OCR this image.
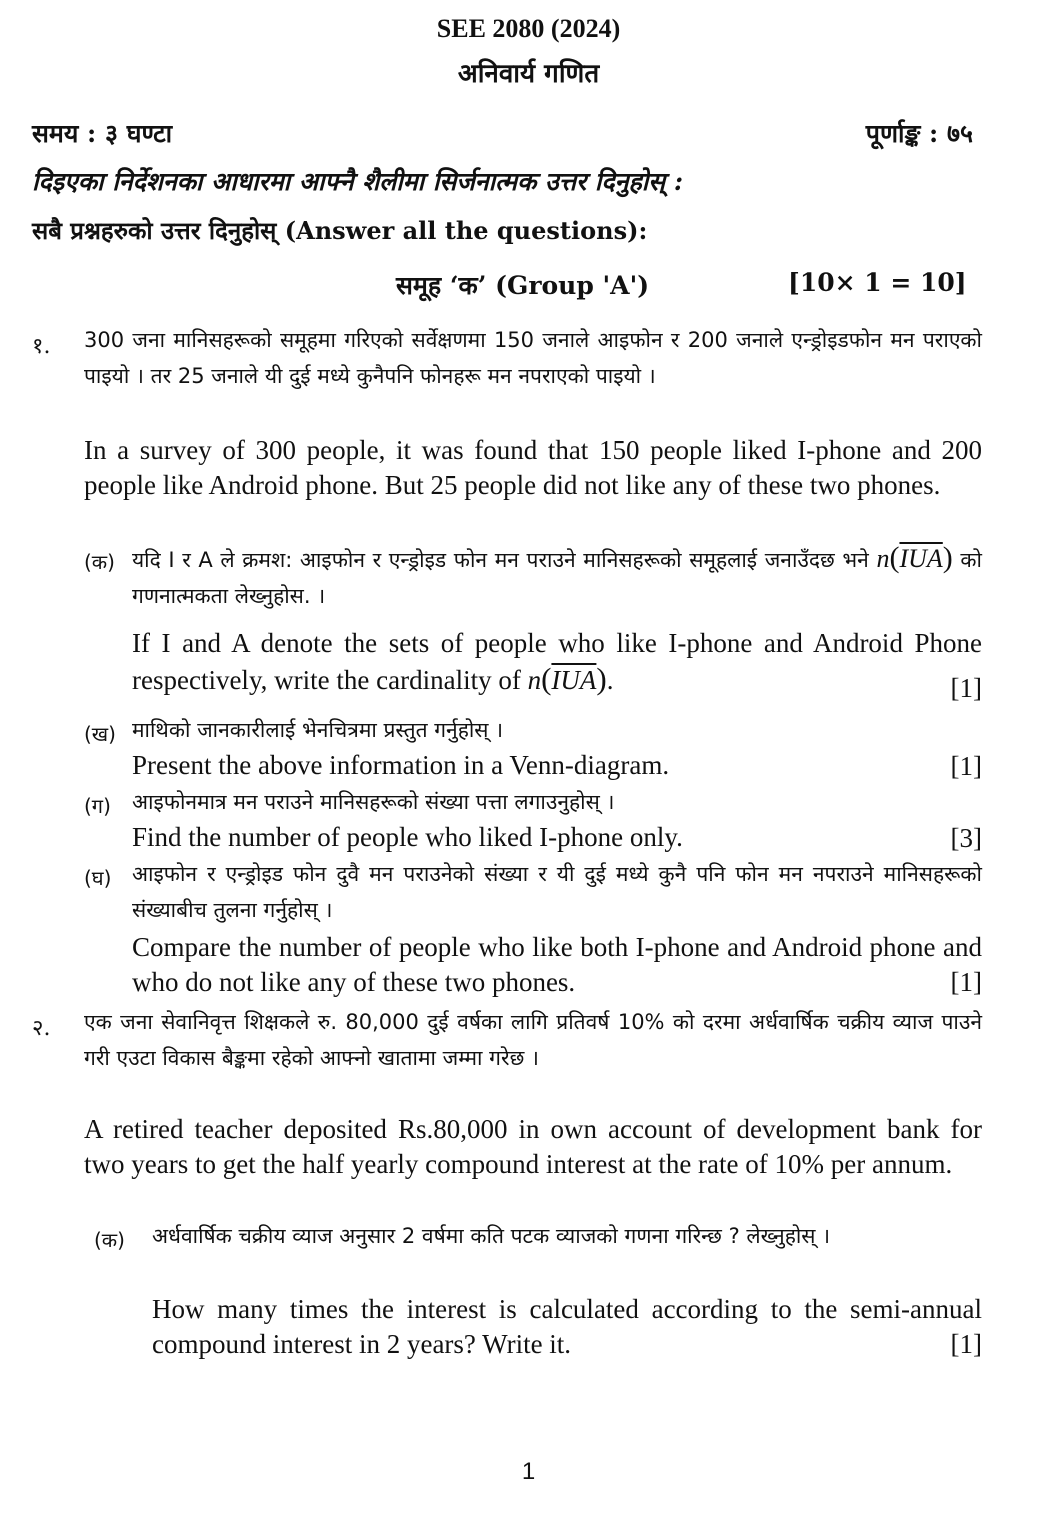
SEE 2080 (2024)
अनिवार्य गणित
समय : ३ घण्टा	पूर्णाङ्क : ७५
दिइएका निर्देशनका आधारमा आफ्नै शैलीमा सिर्जनात्मक उत्तर दिनुहोस् :
सबै प्रश्नहरुको उत्तर दिनुहोस् (Answer all the questions):
समूह ‘क’ (Group 'A')	[10× 1 = 10]
१. 300 जना मानिसहरूको समूहमा गरिएको सर्वेक्षणमा 150 जनाले आइफोन र 200 जनाले एन्ड्रोइडफोन मन पराएको पाइयो । तर 25 जनाले यी दुई मध्ये कुनैपनि फोनहरू मन नपराएको पाइयो ।
In a survey of 300 people, it was found that 150 people liked I-phone and 200 people like Android phone. But 25 people did not like any of these two phones.
(क) यदि I र A ले क्रमश: आइफोन र एन्ड्रोइड फोन मन पराउने मानिसहरूको समूहलाई जनाउँदछ भने $n(\overline{IUA})$ को गणनात्मकता लेख्नुहोस. ।
If I and A denote the sets of people who like I-phone and Android Phone respectively, write the cardinality of $n(\overline{IUA})$.	[1]
(ख) माथिको जानकारीलाई भेनचित्रमा प्रस्तुत गर्नुहोस् ।
Present the above information in a Venn-diagram.	[1]
(ग) आइफोनमात्र मन पराउने मानिसहरूको संख्या पत्ता लगाउनुहोस् ।
Find the number of people who liked I-phone only.	[3]
(घ) आइफोन र एन्ड्रोइड फोन दुवै मन पराउनेको संख्या र यी दुई मध्ये कुनै पनि फोन मन नपराउने मानिसहरूको संख्याबीच तुलना गर्नुहोस् ।
Compare the number of people who like both I-phone and Android phone and who do not like any of these two phones.	[1]
२. एक जना सेवानिवृत्त शिक्षकले रु. 80,000 दुई वर्षका लागि प्रतिवर्ष 10% को दरमा अर्धवार्षिक चक्रीय व्याज पाउने गरी एउटा विकास बैङ्कमा रहेको आफ्नो खातामा जम्मा गरेछ ।
A retired teacher deposited Rs.80,000 in own account of development bank for two years to get the half yearly compound interest at the rate of 10% per annum.
(क) अर्धवार्षिक चक्रीय व्याज अनुसार 2 वर्षमा कति पटक व्याजको गणना गरिन्छ ? लेख्नुहोस् ।
How many times the interest is calculated according to the semi-annual compound interest in 2 years? Write it.	[1]
1
